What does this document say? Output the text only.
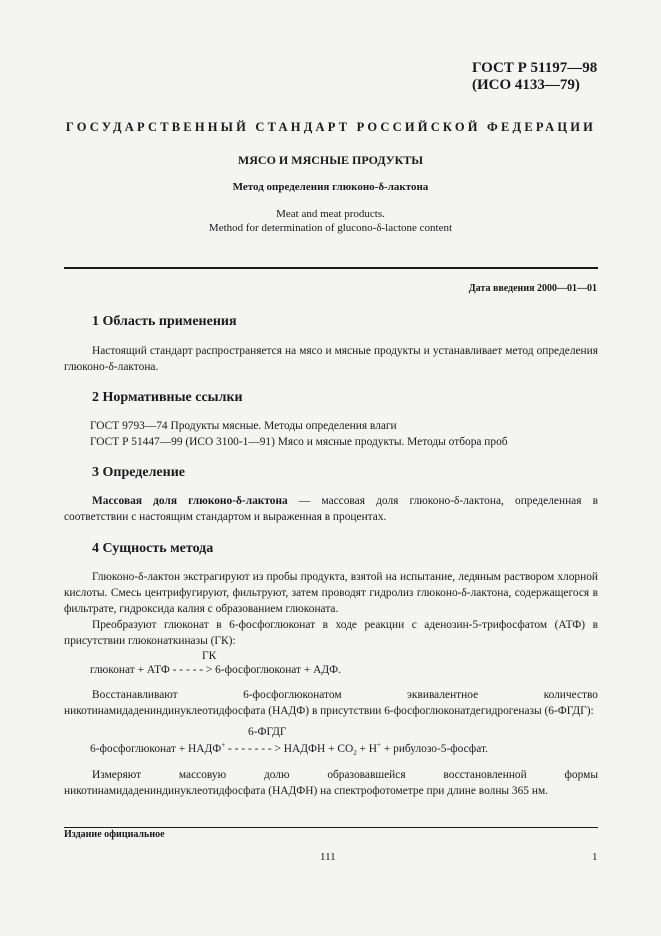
ГОСТ Р 51197—98
(ИСО 4133—79)
ГОСУДАРСТВЕННЫЙ СТАНДАРТ РОССИЙСКОЙ ФЕДЕРАЦИИ
МЯСО И МЯСНЫЕ ПРОДУКТЫ
Метод определения глюконо-δ-лактона
Meat and meat products.
Method for determination of glucono-δ-lactone content
Дата введения 2000—01—01
1 Область применения
Настоящий стандарт распространяется на мясо и мясные продукты и устанавливает метод определения глюконо-δ-лактона.
2 Нормативные ссылки
ГОСТ 9793—74 Продукты мясные. Методы определения влаги
ГОСТ Р 51447—99 (ИСО 3100-1—91) Мясо и мясные продукты. Методы отбора проб
3 Определение
Массовая доля глюконо-δ-лактона — массовая доля глюконо-δ-лактона, определенная в соответствии с настоящим стандартом и выраженная в процентах.
4 Сущность метода
Глюконо-δ-лактон экстрагируют из пробы продукта, взятой на испытание, ледяным раствором хлорной кислоты. Смесь центрифугируют, фильтруют, затем проводят гидролиз глюконо-δ-лактона, содержащегося в фильтрате, гидроксида калия с образованием глюконата.
Преобразуют глюконат в 6-фосфоглюконат в ходе реакции с аденозин-5-трифосфатом (АТФ) в присутствии глюконаткиназы (ГК):
ГК
глюконат + АТФ - - - - - > 6-фосфоглюконат + АДФ.
Восстанавливают 6-фосфоглюконатом эквивалентное количество никотинамидадениндинуклеотидфосфата (НАДФ) в присутствии 6-фосфоглюконатдегидрогеназы (6-ФГДГ):
6-ФГДГ
6-фосфоглюконат + НАДФ+ - - - - - - - > НАДФН + $СО_2 + Н^+$ + рибулозо-5-фосфат.
Измеряют массовую долю образовавшейся восстановленной формы никотинамидадениндинуклеотидфосфата (НАДФН) на спектрофотометре при длине волны 365 нм.
Издание официальное
111	1
